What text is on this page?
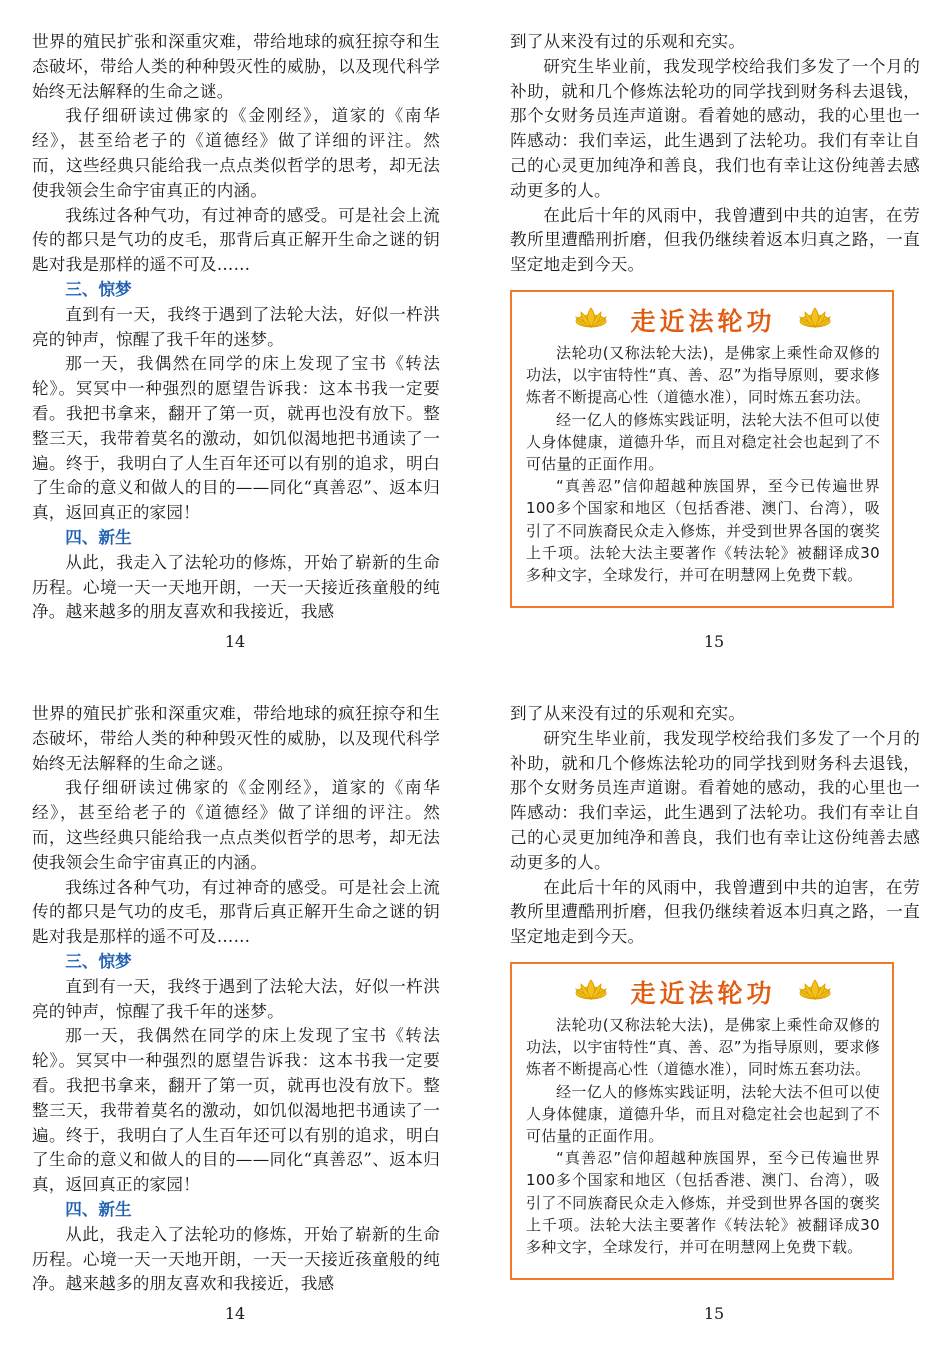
世界的殖民扩张和深重灾难，带给地球的疯狂掠夺和生态破坏，带给人类的种种毁灭性的威胁，以及现代科学始终无法解释的生命之谜。

我仔细研读过佛家的《金刚经》，道家的《南华经》，甚至给老子的《道德经》做了详细的评注。然而，这些经典只能给我一点点类似哲学的思考，却无法使我领会生命宇宙真正的内涵。

我练过各种气功，有过神奇的感受。可是社会上流传的都只是气功的皮毛，那背后真正解开生命之谜的钥匙对我是那样的遥不可及……

三、惊梦

直到有一天，我终于遇到了法轮大法，好似一杵洪亮的钟声，惊醒了我千年的迷梦。

那一天，我偶然在同学的床上发现了宝书《转法轮》。冥冥中一种强烈的愿望告诉我：这本书我一定要看。我把书拿来，翻开了第一页，就再也没有放下。整整三天，我带着莫名的激动，如饥似渴地把书通读了一遍。终于，我明白了人生百年还可以有别的追求，明白了生命的意义和做人的目的——同化“真善忍”、返本归真，返回真正的家园！

四、新生

从此，我走入了法轮功的修炼，开始了崭新的生命历程。心境一天一天地开朗，一天一天接近孩童般的纯净。越来越多的朋友喜欢和我接近，我感

14

到了从来没有过的乐观和充实。

研究生毕业前，我发现学校给我们多发了一个月的补助，就和几个修炼法轮功的同学找到财务科去退钱，那个女财务员连声道谢。看着她的感动，我的心里也一阵感动：我们幸运，此生遇到了法轮功。我们有幸让自己的心灵更加纯净和善良，我们也有幸让这份纯善去感动更多的人。

在此后十年的风雨中，我曾遭到中共的迫害，在劳教所里遭酷刑折磨，但我仍继续着返本归真之路，一直坚定地走到今天。

走近法轮功

法轮功(又称法轮大法)，是佛家上乘性命双修的功法，以宇宙特性“真、善、忍”为指导原则，要求修炼者不断提高心性（道德水准），同时炼五套功法。

经一亿人的修炼实践证明，法轮大法不但可以使人身体健康，道德升华，而且对稳定社会也起到了不可估量的正面作用。

“真善忍”信仰超越种族国界，至今已传遍世界100多个国家和地区（包括香港、澳门、台湾），吸引了不同族裔民众走入修炼，并受到世界各国的褒奖上千项。法轮大法主要著作《转法轮》被翻译成30多种文字，全球发行，并可在明慧网上免费下载。

15

世界的殖民扩张和深重灾难，带给地球的疯狂掠夺和生态破坏，带给人类的种种毁灭性的威胁，以及现代科学始终无法解释的生命之谜。

我仔细研读过佛家的《金刚经》，道家的《南华经》，甚至给老子的《道德经》做了详细的评注。然而，这些经典只能给我一点点类似哲学的思考，却无法使我领会生命宇宙真正的内涵。

我练过各种气功，有过神奇的感受。可是社会上流传的都只是气功的皮毛，那背后真正解开生命之谜的钥匙对我是那样的遥不可及……

三、惊梦

直到有一天，我终于遇到了法轮大法，好似一杵洪亮的钟声，惊醒了我千年的迷梦。

那一天，我偶然在同学的床上发现了宝书《转法轮》。冥冥中一种强烈的愿望告诉我：这本书我一定要看。我把书拿来，翻开了第一页，就再也没有放下。整整三天，我带着莫名的激动，如饥似渴地把书通读了一遍。终于，我明白了人生百年还可以有别的追求，明白了生命的意义和做人的目的——同化“真善忍”、返本归真，返回真正的家园！

四、新生

从此，我走入了法轮功的修炼，开始了崭新的生命历程。心境一天一天地开朗，一天一天接近孩童般的纯净。越来越多的朋友喜欢和我接近，我感

14

到了从来没有过的乐观和充实。

研究生毕业前，我发现学校给我们多发了一个月的补助，就和几个修炼法轮功的同学找到财务科去退钱，那个女财务员连声道谢。看着她的感动，我的心里也一阵感动：我们幸运，此生遇到了法轮功。我们有幸让自己的心灵更加纯净和善良，我们也有幸让这份纯善去感动更多的人。

在此后十年的风雨中，我曾遭到中共的迫害，在劳教所里遭酷刑折磨，但我仍继续着返本归真之路，一直坚定地走到今天。

走近法轮功

法轮功(又称法轮大法)，是佛家上乘性命双修的功法，以宇宙特性“真、善、忍”为指导原则，要求修炼者不断提高心性（道德水准），同时炼五套功法。

经一亿人的修炼实践证明，法轮大法不但可以使人身体健康，道德升华，而且对稳定社会也起到了不可估量的正面作用。

“真善忍”信仰超越种族国界，至今已传遍世界100多个国家和地区（包括香港、澳门、台湾），吸引了不同族裔民众走入修炼，并受到世界各国的褒奖上千项。法轮大法主要著作《转法轮》被翻译成30多种文字，全球发行，并可在明慧网上免费下载。

15
